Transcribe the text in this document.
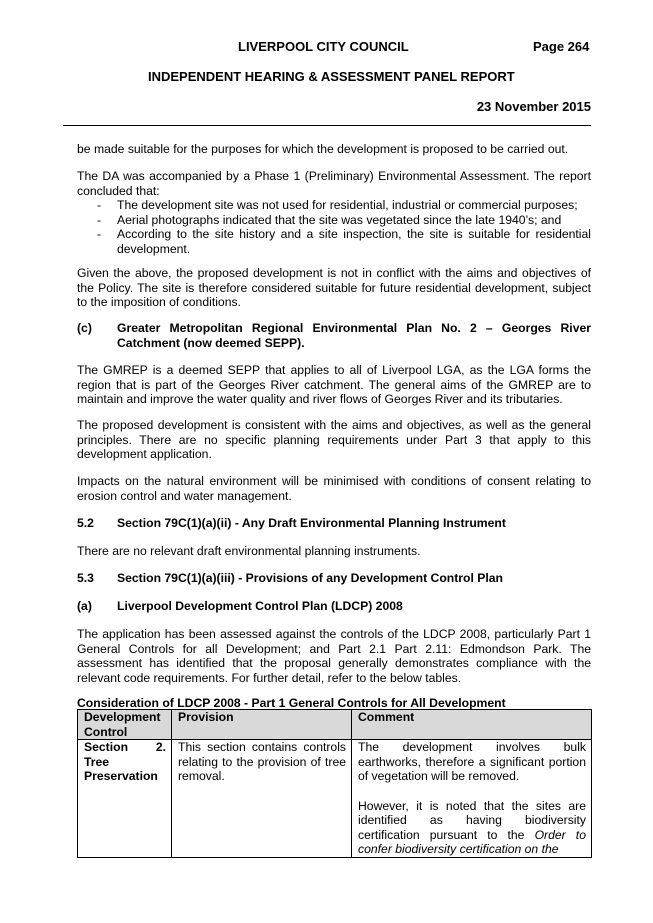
LIVERPOOL CITY COUNCIL	Page 264
INDEPENDENT HEARING & ASSESSMENT PANEL REPORT
23 November 2015
be made suitable for the purposes for which the development is proposed to be carried out.
The DA was accompanied by a Phase 1 (Preliminary) Environmental Assessment. The report concluded that:
- The development site was not used for residential, industrial or commercial purposes;
- Aerial photographs indicated that the site was vegetated since the late 1940’s; and
- According to the site history and a site inspection, the site is suitable for residential development.
Given the above, the proposed development is not in conflict with the aims and objectives of the Policy. The site is therefore considered suitable for future residential development, subject to the imposition of conditions.
(c) Greater Metropolitan Regional Environmental Plan No. 2 – Georges River Catchment (now deemed SEPP).
The GMREP is a deemed SEPP that applies to all of Liverpool LGA, as the LGA forms the region that is part of the Georges River catchment. The general aims of the GMREP are to maintain and improve the water quality and river flows of Georges River and its tributaries.
The proposed development is consistent with the aims and objectives, as well as the general principles. There are no specific planning requirements under Part 3 that apply to this development application.
Impacts on the natural environment will be minimised with conditions of consent relating to erosion control and water management.
5.2 Section 79C(1)(a)(ii) - Any Draft Environmental Planning Instrument
There are no relevant draft environmental planning instruments.
5.3 Section 79C(1)(a)(iii) - Provisions of any Development Control Plan
(a) Liverpool Development Control Plan (LDCP) 2008
The application has been assessed against the controls of the LDCP 2008, particularly Part 1 General Controls for all Development; and Part 2.1 Part 2.11: Edmondson Park. The assessment has identified that the proposal generally demonstrates compliance with the relevant code requirements. For further detail, refer to the below tables.
Consideration of LDCP 2008 - Part 1 General Controls for All Development
Development Control	Provision	Comment
Section 2. Tree Preservation	This section contains controls relating to the provision of tree removal.	The development involves bulk earthworks, therefore a significant portion of vegetation will be removed.
However, it is noted that the sites are identified as having biodiversity certification pursuant to the Order to confer biodiversity certification on the
